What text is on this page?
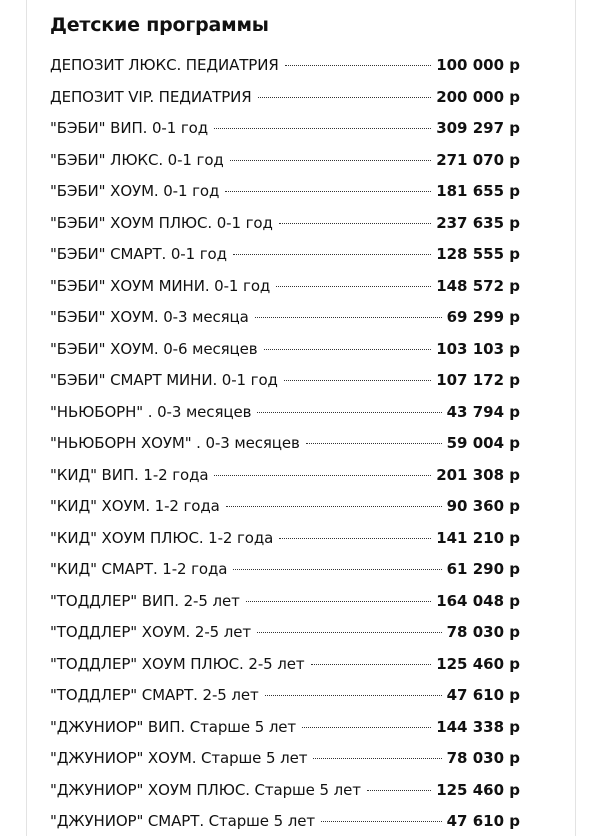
Детские программы
ДЕПОЗИТ ЛЮКС. ПЕДИАТРИЯ	100 000 р
ДЕПОЗИТ VIP. ПЕДИАТРИЯ	200 000 р
"БЭБИ" ВИП. 0-1 год	309 297 р
"БЭБИ" ЛЮКС. 0-1 год	271 070 р
"БЭБИ" ХОУМ. 0-1 год	181 655 р
"БЭБИ" ХОУМ ПЛЮС. 0-1 год	237 635 р
"БЭБИ" СМАРТ. 0-1 год	128 555 р
"БЭБИ" ХОУМ МИНИ. 0-1 год	148 572 р
"БЭБИ" ХОУМ. 0-3 месяца	69 299 р
"БЭБИ" ХОУМ. 0-6 месяцев	103 103 р
"БЭБИ" СМАРТ МИНИ. 0-1 год	107 172 р
"НЬЮБОРН" . 0-3 месяцев	43 794 р
"НЬЮБОРН ХОУМ" . 0-3 месяцев	59 004 р
"КИД" ВИП. 1-2 года	201 308 р
"КИД" ХОУМ. 1-2 года	90 360 р
"КИД" ХОУМ ПЛЮС. 1-2 года	141 210 р
"КИД" СМАРТ. 1-2 года	61 290 р
"ТОДДЛЕР" ВИП. 2-5 лет	164 048 р
"ТОДДЛЕР" ХОУМ. 2-5 лет	78 030 р
"ТОДДЛЕР" ХОУМ ПЛЮС. 2-5 лет	125 460 р
"ТОДДЛЕР" СМАРТ. 2-5 лет	47 610 р
"ДЖУНИОР" ВИП. Старше 5 лет	144 338 р
"ДЖУНИОР" ХОУМ. Старше 5 лет	78 030 р
"ДЖУНИОР" ХОУМ ПЛЮС. Старше 5 лет	125 460 р
"ДЖУНИОР" СМАРТ. Старше 5 лет	47 610 р
